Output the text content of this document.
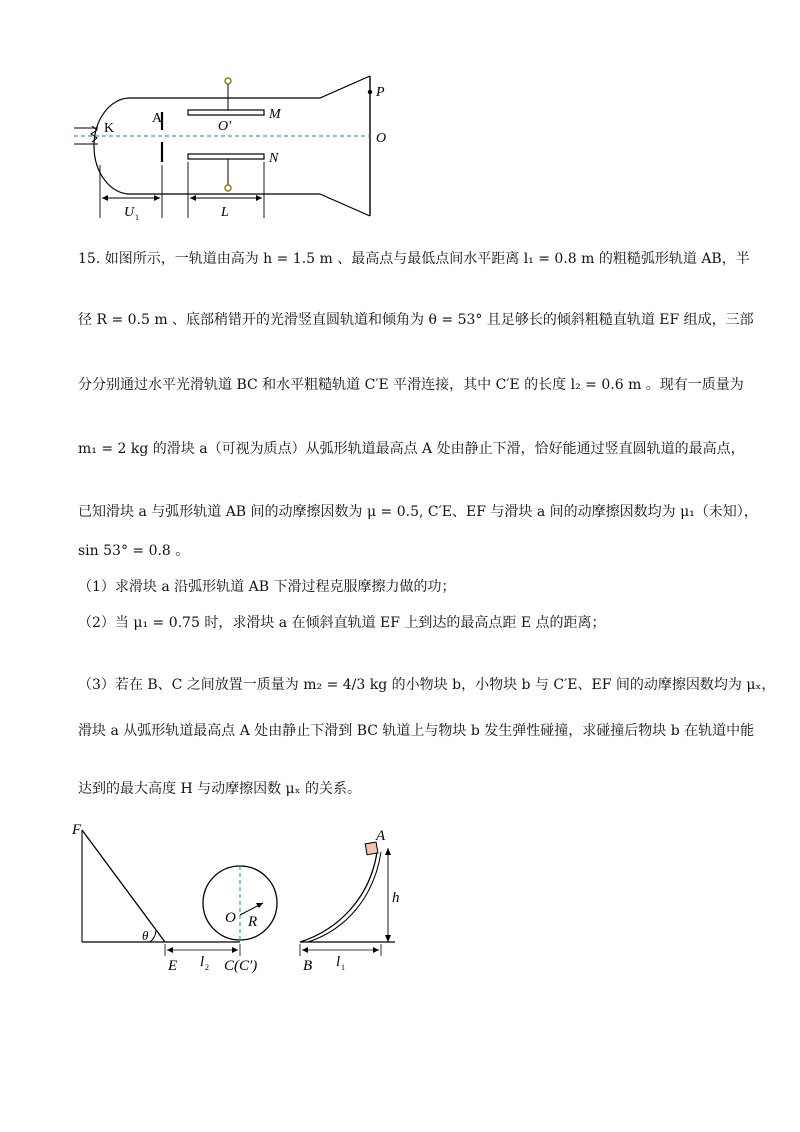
K
A	M
O'
N
P
O
U 1	L
15. 如图所示，一轨道由高为 h = 1.5 m 、最高点与最低点间水平距离 l₁ = 0.8 m 的粗糙弧形轨道 AB，半
径 R = 0.5 m 、底部稍错开的光滑竖直圆轨道和倾角为 θ = 53° 且足够长的倾斜粗糙直轨道 EF 组成，三部
分分别通过水平光滑轨道 BC 和水平粗糙轨道 C′E 平滑连接，其中 C′E 的长度 l₂ = 0.6 m 。现有一质量为
m₁ = 2 kg 的滑块 a（可视为质点）从弧形轨道最高点 A 处由静止下滑，恰好能通过竖直圆轨道的最高点，
已知滑块 a 与弧形轨道 AB 间的动摩擦因数为 μ = 0.5, C′E、EF 与滑块 a 间的动摩擦因数均为 μ₁（未知），
sin 53° = 0.8 。
（1）求滑块 a 沿弧形轨道 AB 下滑过程克服摩擦力做的功；
（2）当 μ₁ = 0.75 时，求滑块 a 在倾斜直轨道 EF 上到达的最高点距 E 点的距离；
（3）若在 B、C 之间放置一质量为 m₂ = 4/3 kg 的小物块 b，小物块 b 与 C′E、EF 间的动摩擦因数均为 μₓ，
滑块 a 从弧形轨道最高点 A 处由静止下滑到 BC 轨道上与物块 b 发生弹性碰撞，求碰撞后物块 b 在轨道中能
达到的最大高度 H 与动摩擦因数 μₓ 的关系。
F
θ
E l 2 C(C′)
O R
B l 1
A
h
